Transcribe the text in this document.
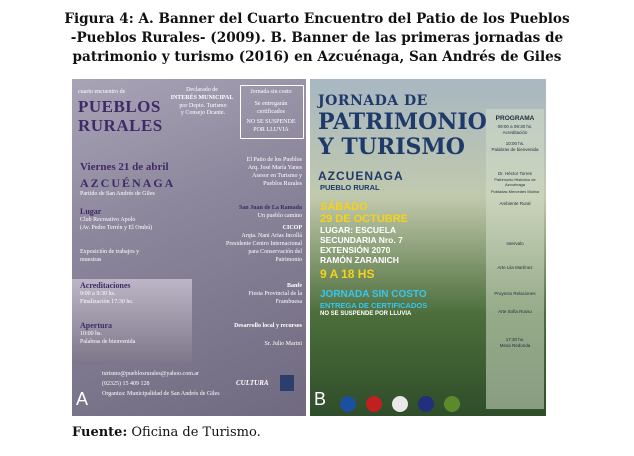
Figura 4: A. Banner del Cuarto Encuentro del Patio de los Pueblos
-Pueblos Rurales- (2009). B. Banner de las primeras jornadas de
patrimonio y turismo (2016) en Azcuénaga, San Andrés de Giles
cuarto encuentro de
PUEBLOS
RURALES
Declarado de
INTERÉS MUNICIPAL
por Depto. Turismo
y Consejo Dcante.
Jornada sin costo
Se entregarán certificados
NO SE SUSPENDE POR LLUVIA
Viernes 21 de abril
AZCUÉNAGA
Partido de San Andrés de Giles
Lugar
Club Recreativo Apolo
(Av. Pedro Terrén y El Ombú)
Exposición de trabajos y muestras
Acreditaciones
9:00 a 9:30 hs.
Finalización 17:30 hs.
Apertura
10:00 hs.
Palabras de bienvenida
El Patio de los Pueblos
Arq. José María Yanes
Asesor en Turismo y
Pueblos Rurales
San Juan de La Ramada
Un pueblo camino
CICOP
Arqta. Nani Arias Incollá
Presidente Centro Internacional
para Conservación del
Patrimonio
Banfe
Fiesta Provincial de la
Frambuesa
Desarrollo local y recursos
Sr. Julio Marini
turismo@pueblosrurales@yahoo.com.ar
(02325) 15 409 128
Organiza: Municipalidad de San Andrés de Giles
CULTURA
A
JORNADA DE
PATRIMONIO
Y TURISMO
AZCUENAGA
PUEBLO RURAL
SÁBADO
29 DE OCTUBRE
LUGAR: ESCUELA
SECUNDARIA Nro. 7
EXTENSIÓN 2070
RAMÓN ZARANICH
9 A 18 HS
JORNADA SIN COSTO
ENTREGA DE CERTIFICADOS
NO SE SUSPENDE POR LLUVIA
PROGRAMA
09:00 a 09:30 hs.
Acreditación
10:00 hs.
Palabras de bienvenida
Dr. Héctor Torres
Patrimonio Histórico de Azcuénaga
Pobladas Mercedes Molina
Ambiente Rural
Intervalo
Arte Lila Martínez
Proyecto Relaciones
Arte Sofia Russo
17:30 hs.
Mesa Redonda
B
Fuente: Oficina de Turismo.
